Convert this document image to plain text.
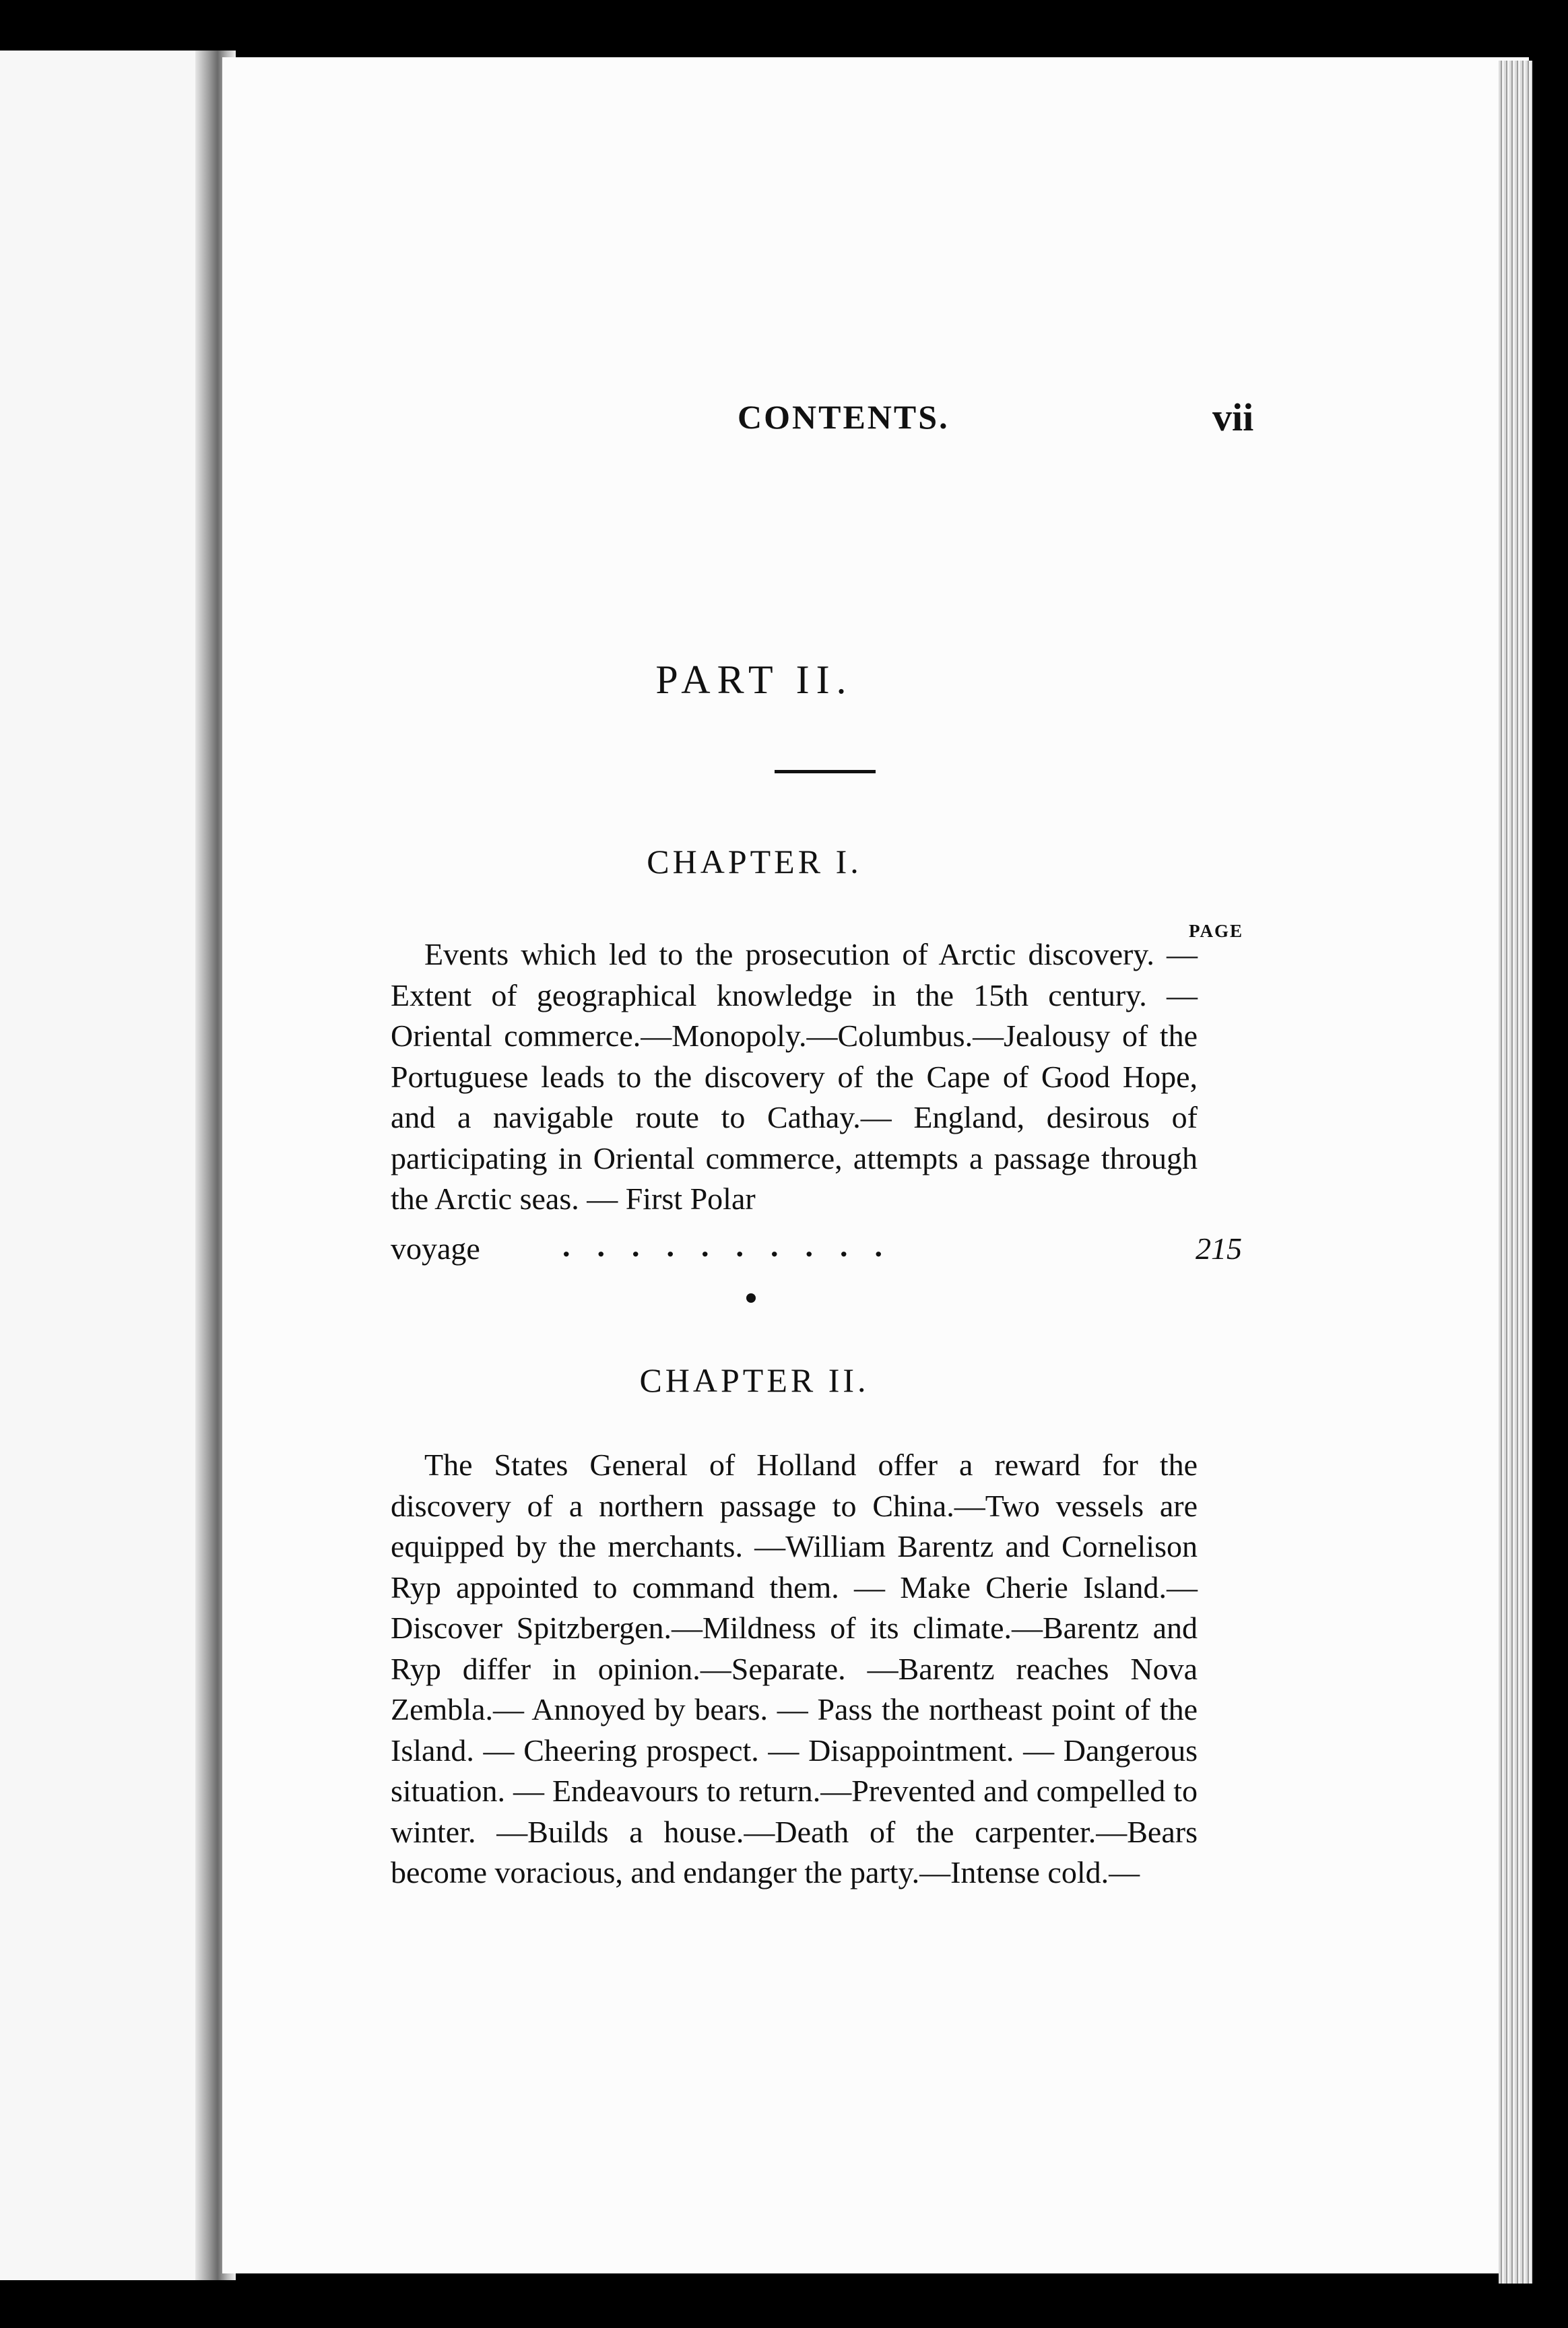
CONTENTS.	vii
PART II.
CHAPTER I.
PAGE

Events which led to the prosecution of Arctic discovery. —Extent of geographical knowledge in the 15th century. —Oriental commerce.—Monopoly.—Columbus.—Jealousy of the Portuguese leads to the discovery of the Cape of Good Hope, and a navigable route to Cathay.— England, desirous of participating in Oriental commerce, attempts a passage through the Arctic seas. — First Polar

voyage	..........	215
CHAPTER II.

The States General of Holland offer a reward for the discovery of a northern passage to China.—Two vessels are equipped by the merchants. —William Barentz and Cornelison Ryp appointed to command them. — Make Cherie Island.—Discover Spitzbergen.—Mildness of its climate.—Barentz and Ryp differ in opinion.—Separate. —Barentz reaches Nova Zembla.— Annoyed by bears. — Pass the northeast point of the Island. — Cheering prospect. — Disappointment. — Dangerous situation. — Endeavours to return.—Prevented and compelled to winter. —Builds a house.—Death of the carpenter.—Bears become voracious, and endanger the party.—Intense cold.—
